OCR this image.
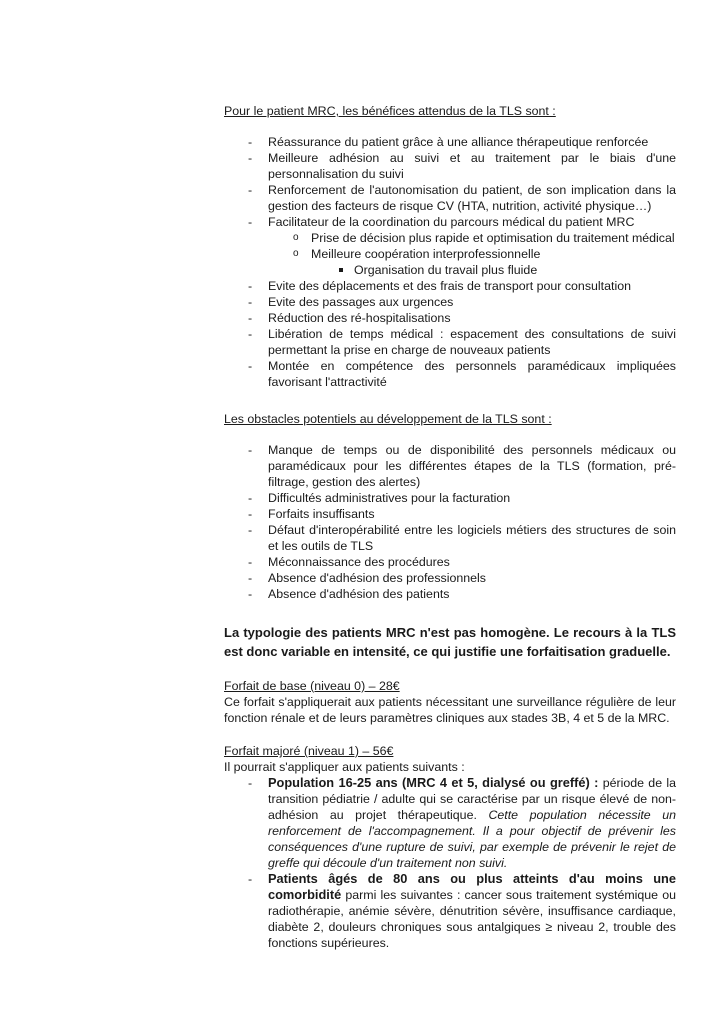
Pour le patient MRC, les bénéfices attendus de la TLS sont :

- Réassurance du patient grâce à une alliance thérapeutique renforcée
- Meilleure adhésion au suivi et au traitement par le biais d'une personnalisation du suivi
- Renforcement de l'autonomisation du patient, de son implication dans la gestion des facteurs de risque CV (HTA, nutrition, activité physique…)
- Facilitateur de la coordination du parcours médical du patient MRC
o Prise de décision plus rapide et optimisation du traitement médical
o Meilleure coopération interprofessionnelle
Organisation du travail plus fluide
- Evite des déplacements et des frais de transport pour consultation
- Evite des passages aux urgences
- Réduction des ré-hospitalisations
- Libération de temps médical : espacement des consultations de suivi permettant la prise en charge de nouveaux patients
- Montée en compétence des personnels paramédicaux impliquées favorisant l'attractivité

Les obstacles potentiels au développement de la TLS sont :

- Manque de temps ou de disponibilité des personnels médicaux ou paramédicaux pour les différentes étapes de la TLS (formation, pré-filtrage, gestion des alertes)
- Difficultés administratives pour la facturation
- Forfaits insuffisants
- Défaut d'interopérabilité entre les logiciels métiers des structures de soin et les outils de TLS
- Méconnaissance des procédures
- Absence d'adhésion des professionnels
- Absence d'adhésion des patients

La typologie des patients MRC n'est pas homogène. Le recours à la TLS est donc variable en intensité, ce qui justifie une forfaitisation graduelle.

Forfait de base (niveau 0) – 28€

Ce forfait s'appliquerait aux patients nécessitant une surveillance régulière de leur fonction rénale et de leurs paramètres cliniques aux stades 3B, 4 et 5 de la MRC.

Forfait majoré (niveau 1) – 56€

Il pourrait s'appliquer aux patients suivants :

- Population 16-25 ans (MRC 4 et 5, dialysé ou greffé) : période de la transition pédiatrie / adulte qui se caractérise par un risque élevé de non-adhésion au projet thérapeutique. Cette population nécessite un renforcement de l'accompagnement. Il a pour objectif de prévenir les conséquences d'une rupture de suivi, par exemple de prévenir le rejet de greffe qui découle d'un traitement non suivi.
- Patients âgés de 80 ans ou plus atteints d'au moins une comorbidité parmi les suivantes : cancer sous traitement systémique ou radiothérapie, anémie sévère, dénutrition sévère, insuffisance cardiaque, diabète 2, douleurs chroniques sous antalgiques ≥ niveau 2, trouble des fonctions supérieures.
